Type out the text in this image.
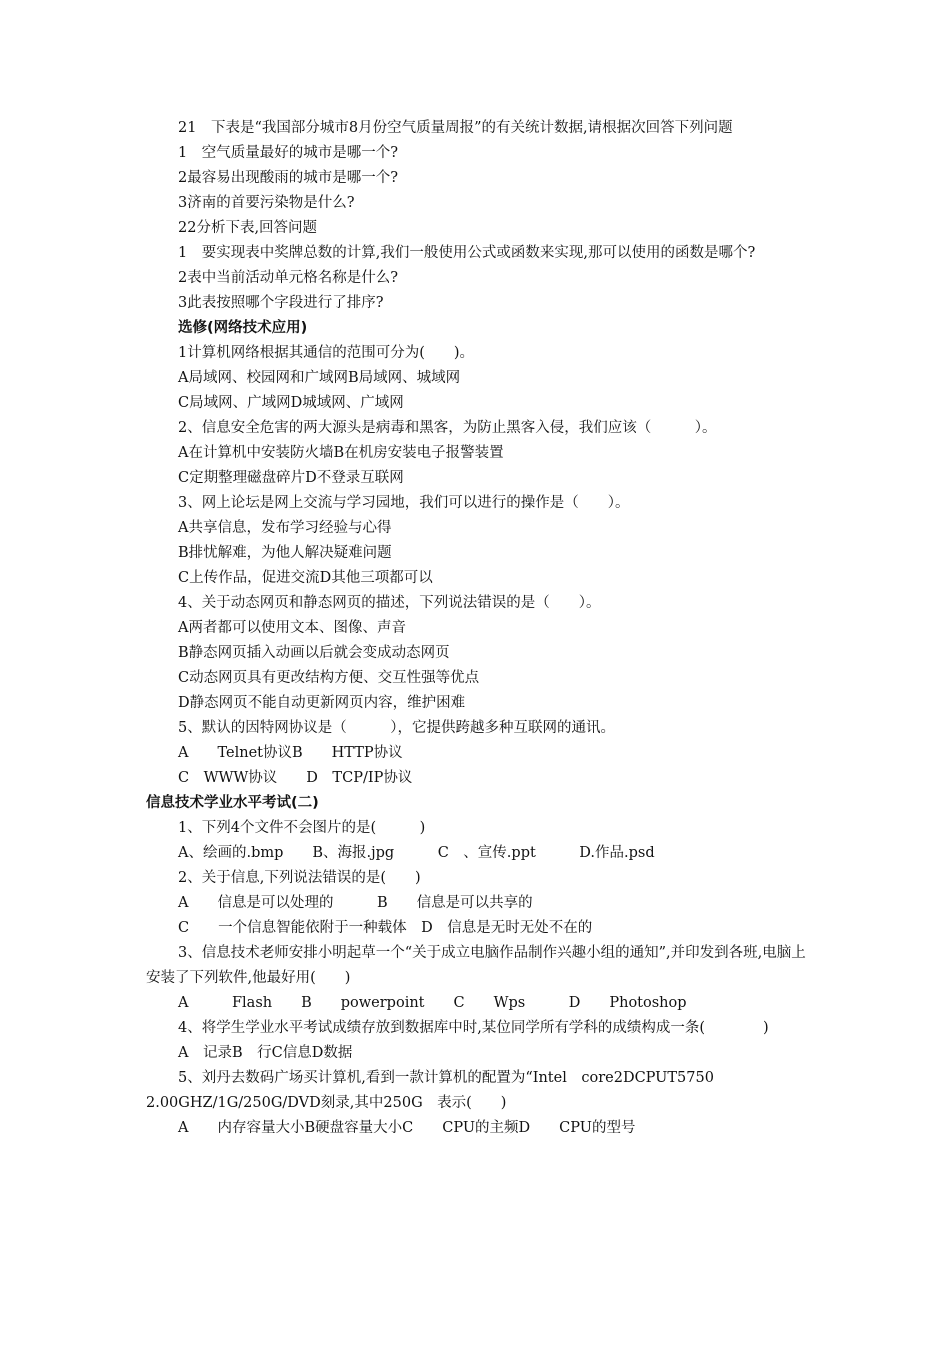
21　下表是“我国部分城市8月份空气质量周报”的有关统计数据,请根据次回答下列问题
1　空气质量最好的城市是哪一个?
2最容易出现酸雨的城市是哪一个?
3济南的首要污染物是什么?
22分析下表,回答问题
1　要实现表中奖牌总数的计算,我们一般使用公式或函数来实现,那可以使用的函数是哪个?
2表中当前活动单元格名称是什么?
3此表按照哪个字段进行了排序?
选修(网络技术应用)
1计算机网络根据其通信的范围可分为(　　)。
A局域网、校园网和广域网B局域网、城域网
C局域网、广域网D城域网、广域网
2、信息安全危害的两大源头是病毒和黑客，为防止黑客入侵，我们应该（　　　）。
A在计算机中安装防火墙B在机房安装电子报警装置
C定期整理磁盘碎片D不登录互联网
3、网上论坛是网上交流与学习园地，我们可以进行的操作是（　　）。
A共享信息，发布学习经验与心得
B排忧解难，为他人解决疑难问题
C上传作品，促进交流D其他三项都可以
4、关于动态网页和静态网页的描述，下列说法错误的是（　　）。
A两者都可以使用文本、图像、声音
B静态网页插入动画以后就会变成动态网页
C动态网页具有更改结构方便、交互性强等优点
D静态网页不能自动更新网页内容，维护困难
5、默认的因特网协议是（　　　），它提供跨越多种互联网的通讯。
A　　Telnet协议B　　HTTP协议
C　WWW协议　　D　TCP/IP协议
信息技术学业水平考试(二)
1、下列4个文件不会图片的是(　　　)
A、绘画的.bmp　　B、海报.jpg　　　C　、宣传.ppt　　　D.作品.psd
2、关于信息,下列说法错误的是(　　)
A　　信息是可以处理的　　　B　　信息是可以共享的
C　　一个信息智能依附于一种载体　D　信息是无时无处不在的
3、信息技术老师安排小明起草一个“关于成立电脑作品制作兴趣小组的通知”,并印发到各班,电脑上安装了下列软件,他最好用(　　)
A　　　Flash　　B　　powerpoint　　C　　Wps　　　D　　Photoshop
4、将学生学业水平考试成绩存放到数据库中时,某位同学所有学科的成绩构成一条(　　　　)
A　记录B　行C信息D数据
5、刘丹去数码广场买计算机,看到一款计算机的配置为“Intel　core2DCPUT5750　2.00GHZ/1G/250G/DVD刻录,其中250G　表示(　　)
A　　内存容量大小B硬盘容量大小C　　CPU的主频D　　CPU的型号
